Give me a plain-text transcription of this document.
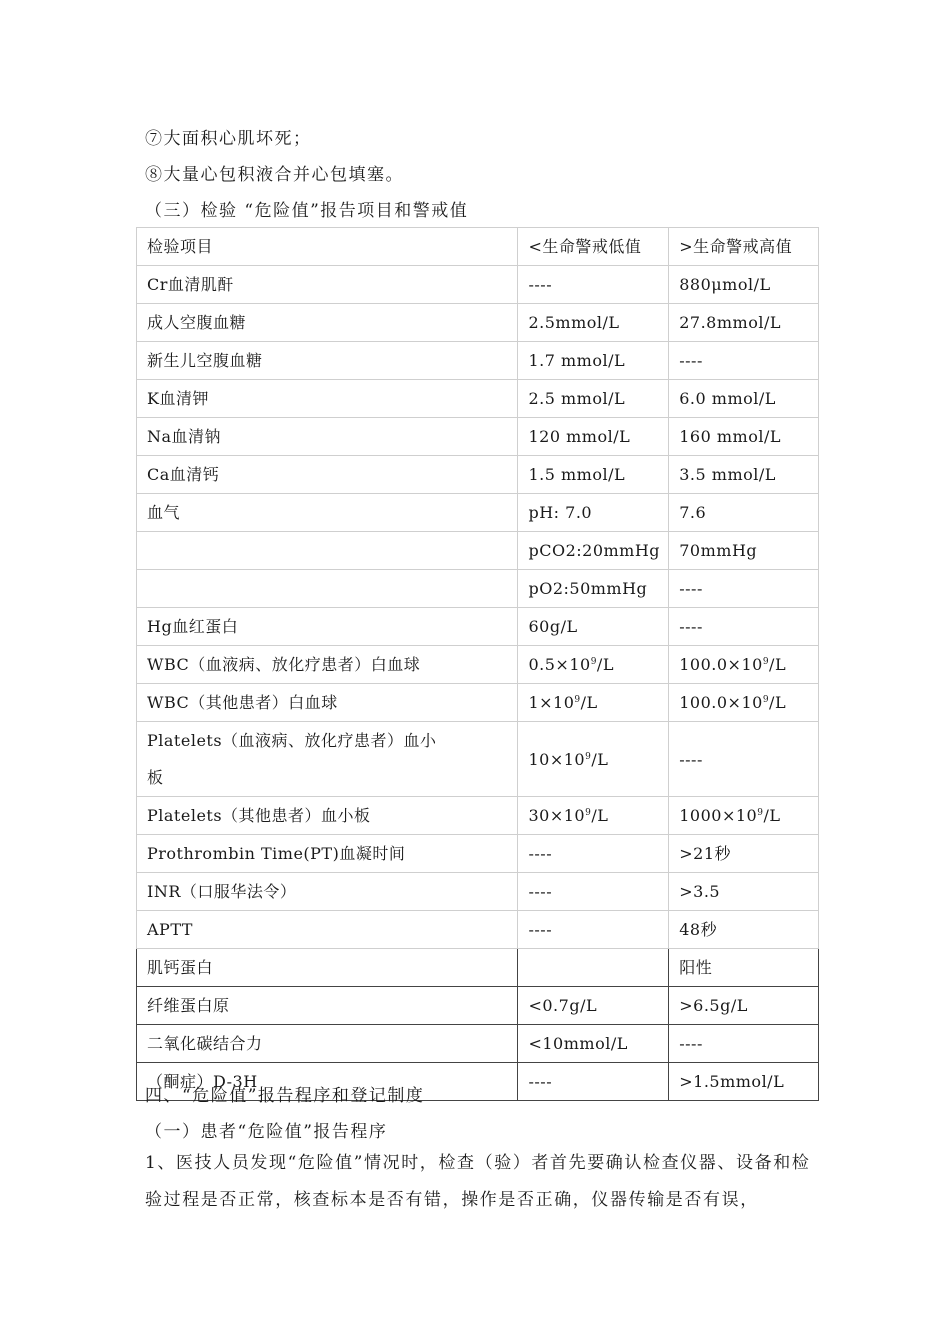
⑦大面积心肌坏死；
⑧大量心包积液合并心包填塞。
（三）检验 “危险值”报告项目和警戒值
检验项目	<生命警戒低值	>生命警戒高值
Cr血清肌酐	----	880μmol/L
成人空腹血糖	2.5mmol/L	27.8mmol/L
新生儿空腹血糖	1.7 mmol/L	----
K血清钾	2.5 mmol/L	6.0 mmol/L
Na血清钠	120 mmol/L	160 mmol/L
Ca血清钙	1.5 mmol/L	3.5 mmol/L
血气	pH: 7.0	7.6
	pCO2:20mmHg	70mmHg
	pO2:50mmHg	----
Hg血红蛋白	60g/L	----
WBC（血液病、放化疗患者）白血球	$0.5\times 10^9/L$	$100.0\times 10^9/L$
WBC（其他患者）白血球	$1\times 10^9/L$	$100.0\times 10^9/L$
Platelets（血液病、放化疗患者）血小
板	$10\times 10^9/L$	----
Platelets（其他患者）血小板	$30\times 10^9/L$	$1000\times 10^9/L$
Prothrombin Time(PT)血凝时间	----	>21秒
INR（口服华法令）	----	>3.5
APTT	----	48秒
肌钙蛋白		阳性
纤维蛋白原	<0.7g/L	>6.5g/L
二氧化碳结合力	<10mmol/L	----
（酮症）D-3H	----	>1.5mmol/L
四、“危险值”报告程序和登记制度
（一）患者“危险值”报告程序
1、医技人员发现“危险值”情况时，检查（验）者首先要确认检查仪器、设备和检验过程是否正常，核查标本是否有错，操作是否正确，仪器传输是否有误，
